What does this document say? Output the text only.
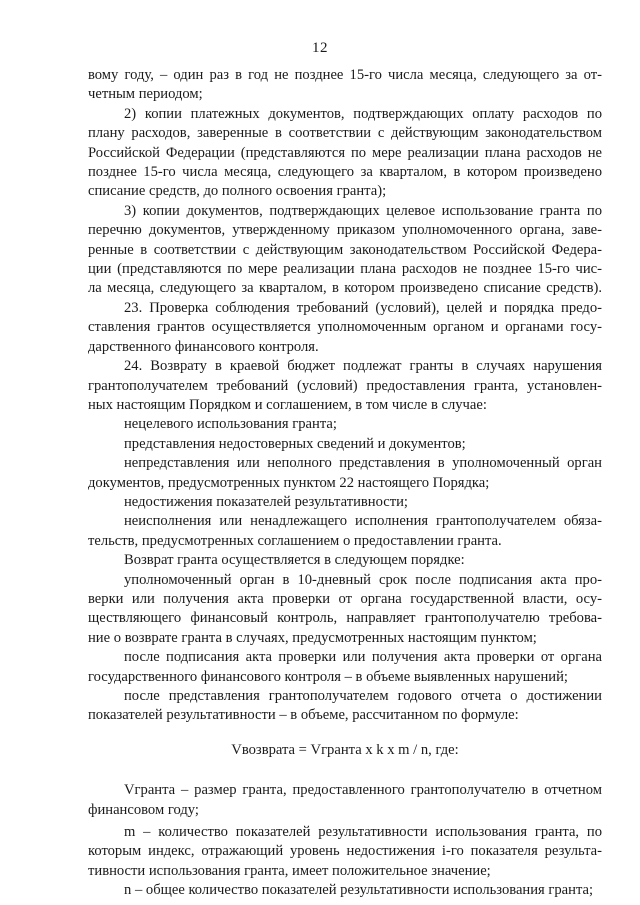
12
вому году, – один раз в год не позднее 15-го числа месяца, следующего за от-
четным периодом;
2) копии платежных документов, подтверждающих оплату расходов по
плану расходов, заверенные в соответствии с действующим законодательством
Российской Федерации (представляются по мере реализации плана расходов не
позднее 15-го числа месяца, следующего за кварталом, в котором произведено
списание средств, до полного освоения гранта);
3) копии документов, подтверждающих целевое использование гранта по
перечню документов, утвержденному приказом уполномоченного органа, заве-
ренные в соответствии с действующим законодательством Российской Федера-
ции (представляются по мере реализации плана расходов не позднее 15-го чис-
ла месяца, следующего за кварталом, в котором произведено списание средств).
23. Проверка соблюдения требований (условий), целей и порядка предо-
ставления грантов осуществляется уполномоченным органом и органами госу-
дарственного финансового контроля.
24. Возврату в краевой бюджет подлежат гранты в случаях нарушения
грантополучателем требований (условий) предоставления гранта, установлен-
ных настоящим Порядком и соглашением, в том числе в случае:
нецелевого использования гранта;
представления недостоверных сведений и документов;
непредставления или неполного представления в уполномоченный орган
документов, предусмотренных пунктом 22 настоящего Порядка;
недостижения показателей результативности;
неисполнения или ненадлежащего исполнения грантополучателем обяза-
тельств, предусмотренных соглашением о предоставлении гранта.
Возврат гранта осуществляется в следующем порядке:
уполномоченный орган в 10-дневный срок после подписания акта про-
верки или получения акта проверки от органа государственной власти, осу-
ществляющего финансовый контроль, направляет грантополучателю требова-
ние о возврате гранта в случаях, предусмотренных настоящим пунктом;
после подписания акта проверки или получения акта проверки от органа
государственного финансового контроля – в объеме выявленных нарушений;
после представления грантополучателем годового отчета о достижении
показателей результативности – в объеме, рассчитанном по формуле:
Vвозврата = Vгранта x k x m / n, где:
Vгранта – размер гранта, предоставленного грантополучателю в отчетном
финансовом году;
m – количество показателей результативности использования гранта, по
которым индекс, отражающий уровень недостижения i-го показателя результа-
тивности использования гранта, имеет положительное значение;
n – общее количество показателей результативности использования гранта;
